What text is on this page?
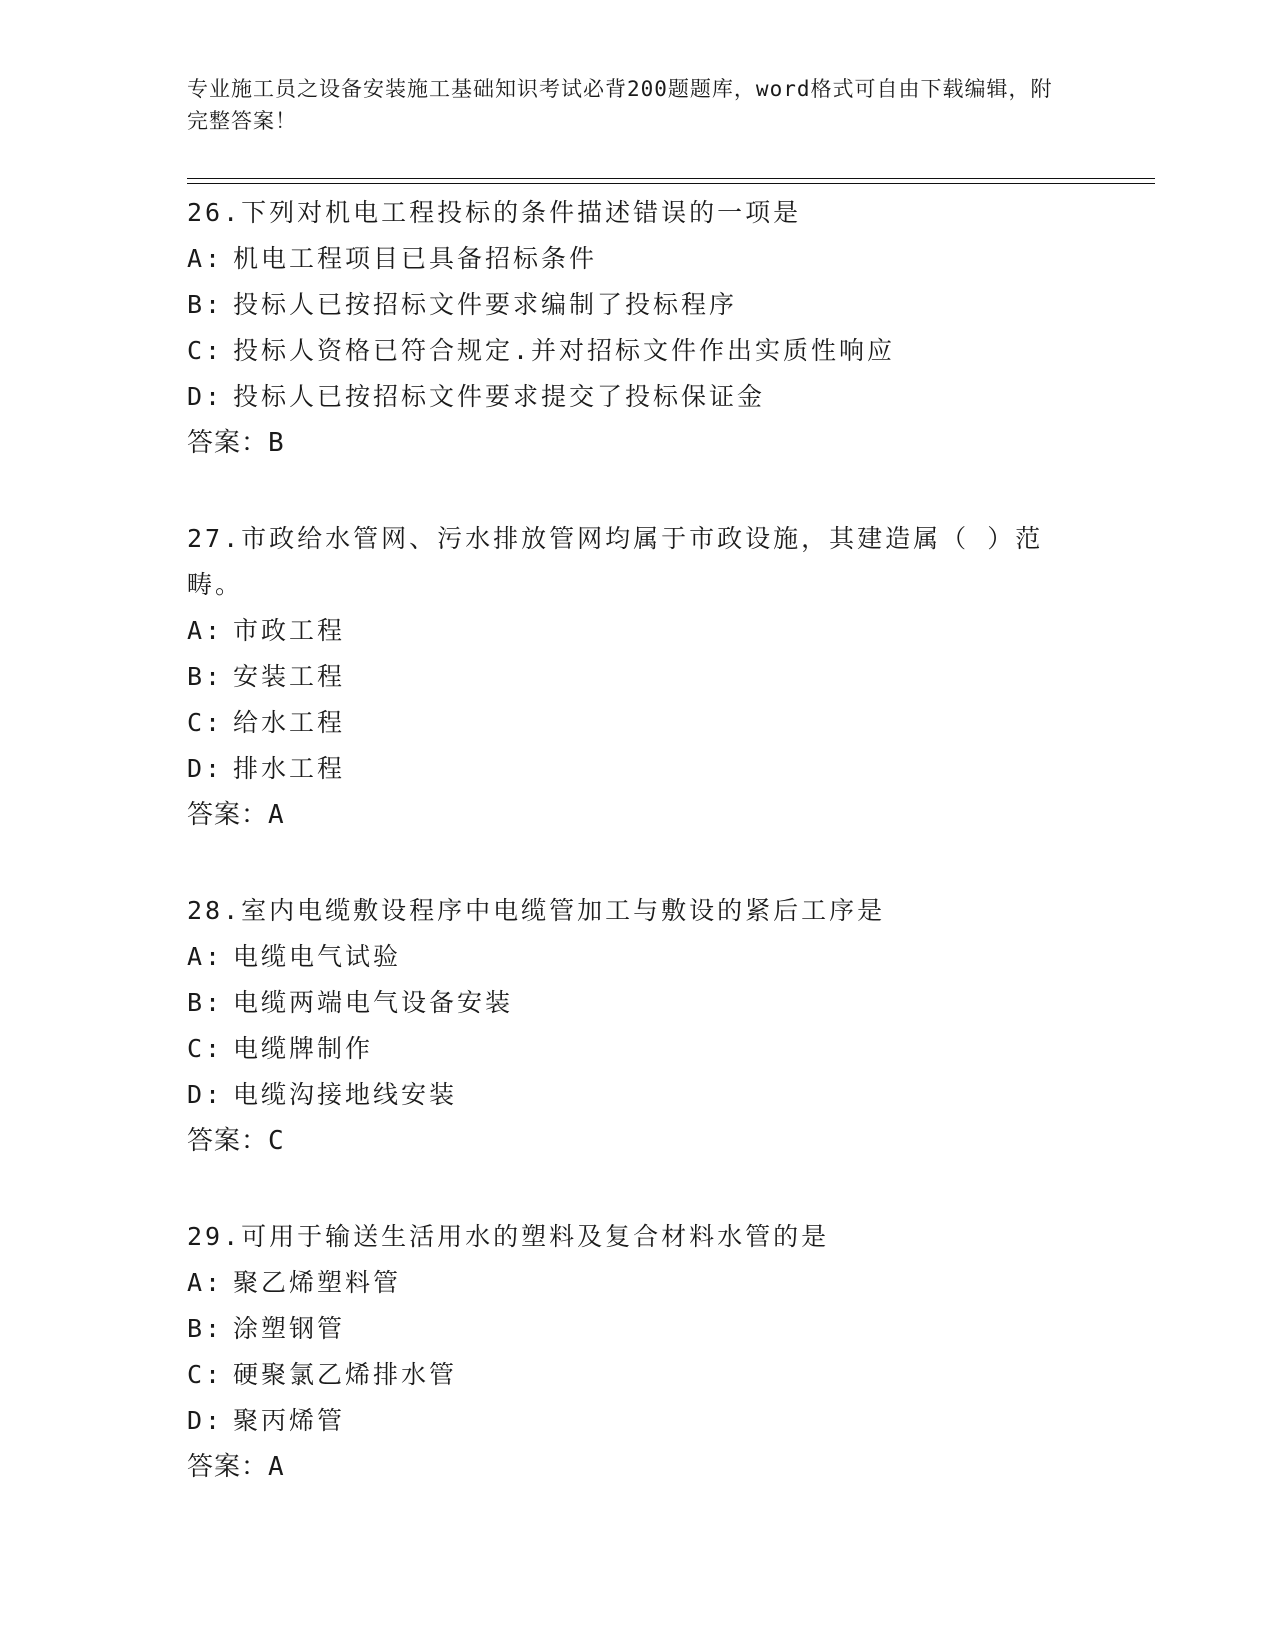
专业施工员之设备安装施工基础知识考试必背200题题库，word格式可自由下载编辑，附完整答案！
26.下列对机电工程投标的条件描述错误的一项是
A: 机电工程项目已具备招标条件
B: 投标人已按招标文件要求编制了投标程序
C: 投标人资格已符合规定.并对招标文件作出实质性响应
D: 投标人已按招标文件要求提交了投标保证金
答案：B
27.市政给水管网、污水排放管网均属于市政设施，其建造属（ ）范畴。
A: 市政工程
B: 安装工程
C: 给水工程
D: 排水工程
答案：A
28.室内电缆敷设程序中电缆管加工与敷设的紧后工序是
A: 电缆电气试验
B: 电缆两端电气设备安装
C: 电缆牌制作
D: 电缆沟接地线安装
答案：C
29.可用于输送生活用水的塑料及复合材料水管的是
A: 聚乙烯塑料管
B: 涂塑钢管
C: 硬聚氯乙烯排水管
D: 聚丙烯管
答案：A
